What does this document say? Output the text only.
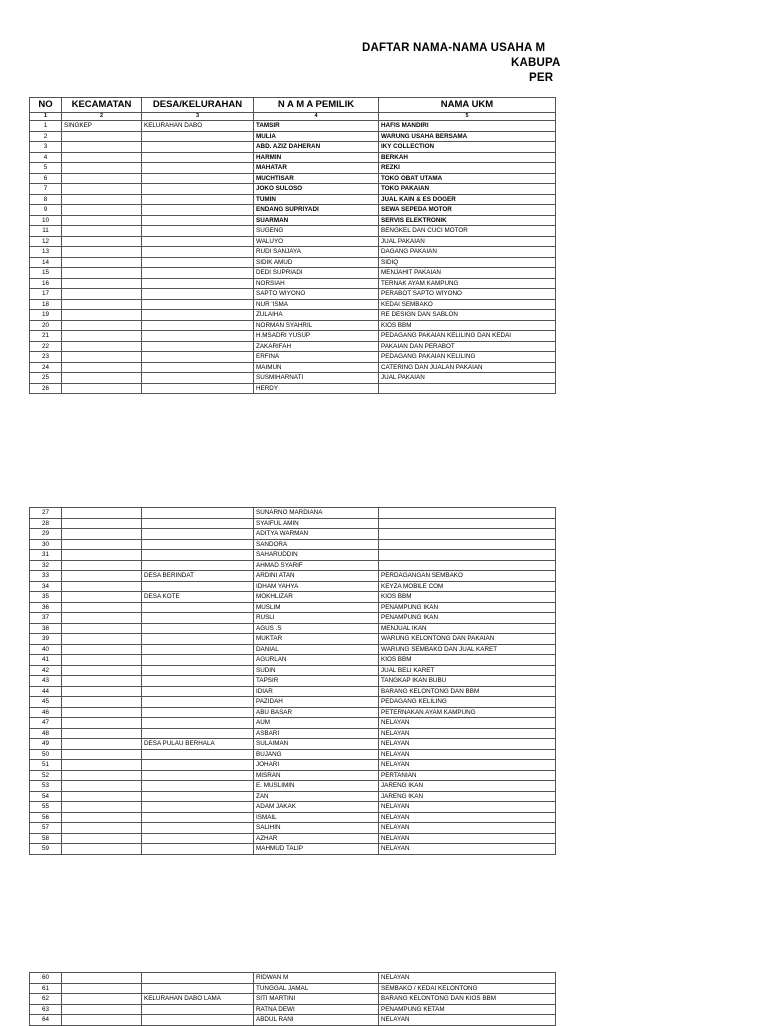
DAFTAR NAMA-NAMA USAHA M
KABUPA
PER
NO	KECAMATAN	DESA/KELURAHAN	N A M A PEMILIK	NAMA UKM
1	2	3	4	5
1	SINGKEP	KELURAHAN DABO	TAMSIR	HAFIS MANDIRI
2			MULIA	WARUNG USAHA BERSAMA
3			ABD. AZIZ DAHERAN	IKY COLLECTION
4			HARMIN	BERKAH
5			MAHATAR	REZKI
6			MUCHTISAR	TOKO OBAT UTAMA
7			JOKO SULOSO	TOKO PAKAIAN
8			TUMIN	JUAL KAIN & ES DOGER
9			ENDANG SUPRIYADI	SEWA SEPEDA MOTOR
10			SUARMAN	SERVIS ELEKTRONIK
11			SUGENG	BENGKEL DAN CUCI MOTOR
12			WALUYO	JUAL PAKAIAN
13			RUDI SANJAYA	DAGANG PAKAIAN
14			SIDIK AMUD	SIDIQ
15			DEDI SUPRIADI	MENJAHIT PAKAIAN
16			NORSIAH	TERNAK AYAM KAMPUNG
17			SAPTO WIYONO	PERABOT SAPTO WIYONO
18			NUR 'ISMA	KEDAI SEMBAKO
19			ZULAIHA	RE DESIGN DAN SABLON
20			NORMAN SYAHRIL	KIOS BBM
21			H.MSADRI YUSUP	PEDAGANG PAKAIAN KELILING DAN KEDAI
22			ZAKARIFAH	PAKAIAN DAN PERABOT
23			ERFINA	PEDAGANG PAKAIAN KELILING
24			MAIMUN	CATERING DAN JUALAN PAKAIAN
25			SUSMIHARNATI	JUAL PAKAIAN
26			HERDY	
27			SUNARNO MARDIANA	
28			SYAIFUL AMIN	
29			ADITYA WARMAN	
30			SANDORA	
31			SAHARUDDIN	
32			AHMAD SYARIF	
33		DESA BERINDAT	ARDINI ATAN	PERDAGANGAN SEMBAKO
34			IDHAM YAHYA	KEYZA MOBILE COM
35		DESA KOTE	MOKHLIZAR	KIOS BBM
36			MUSLIM	PENAMPUNG IKAN
37			RUSLI	PENAMPUNG IKAN
38			AGUS .S	MENJUAL IKAN
39			MUKTAR	WARUNG KELONTONG DAN PAKAIAN
40			DANIAL	WARUNG SEMBAKO DAN JUAL KARET
41			AGURLAN	KIOS BBM
42			SUDIN	JUAL BELI KARET
43			TAPSIR	TANGKAP IKAN BUBU
44			IDIAR	BARANG KELONTONG DAN BBM
45			PAZIDAH	PEDAGANG KELILING
46			ABU BASAR	PETERNAKAN AYAM KAMPUNG
47			AUM	NELAYAN
48			ASBARI	NELAYAN
49		DESA PULAU BERHALA	SULAIMAN	NELAYAN
50			BUJANG	NELAYAN
51			JOHARI	NELAYAN
52			MISRAN	PERTANIAN
53			E. MUSLIMIN	JARENG IKAN
54			ZAN	JARENG IKAN
55			ADAM JAKAK	NELAYAN
56			ISMAIL	NELAYAN
57			SALIHIN	NELAYAN
58			AZHAR	NELAYAN
59			MAHMUD TALIP	NELAYAN
60			RIDWAN M	NELAYAN
61			TUNGGAL JAMAL	SEMBAKO / KEDAI KELONTONG
62		KELURAHAN DABO LAMA	SITI MARTINI	BARANG KELONTONG DAN KIOS BBM
63			RATNA DEWI	PENAMPUNG KETAM
64			ABDUL RANI	NELAYAN
